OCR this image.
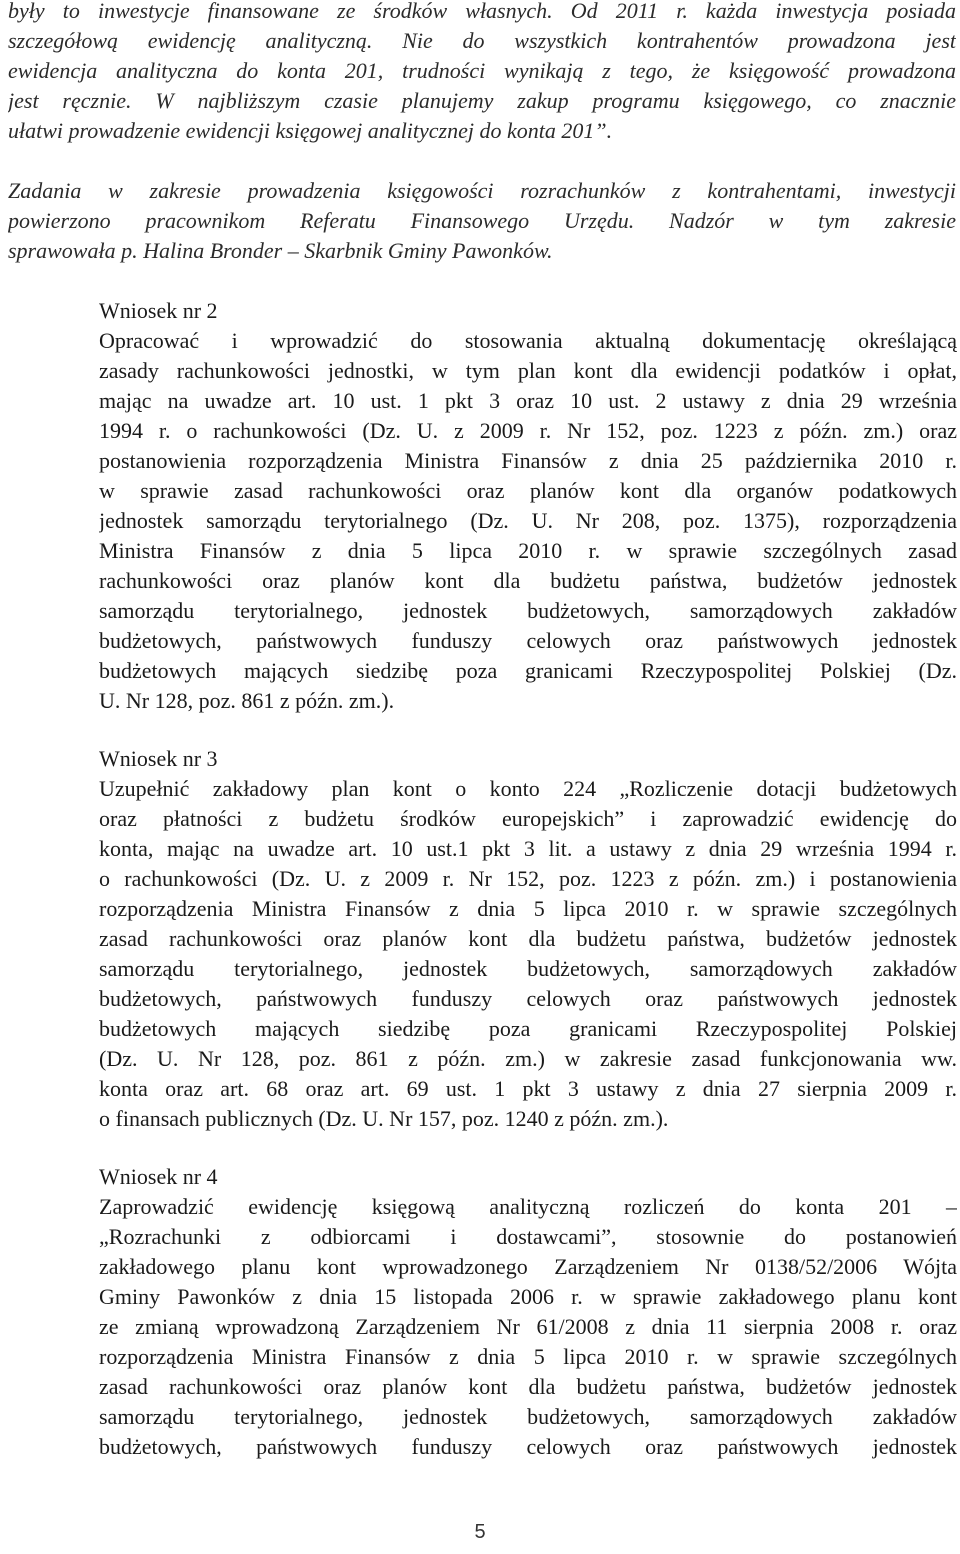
były to inwestycje finansowane ze środków własnych. Od 2011 r. każda inwestycja posiada
szczegółową ewidencję analityczną. Nie do wszystkich kontrahentów prowadzona jest
ewidencja analityczna do konta 201, trudności wynikają z tego, że księgowość prowadzona
jest ręcznie. W najbliższym czasie planujemy zakup programu księgowego, co znacznie
ułatwi prowadzenie ewidencji księgowej analitycznej do konta 201”.
Zadania w zakresie prowadzenia księgowości rozrachunków z kontrahentami, inwestycji
powierzono pracownikom Referatu Finansowego Urzędu. Nadzór w tym zakresie
sprawowała p. Halina Bronder – Skarbnik Gminy Pawonków.
Wniosek nr 2
Opracować i wprowadzić do stosowania aktualną dokumentację określającą
zasady rachunkowości jednostki, w tym plan kont dla ewidencji podatków i opłat,
mając na uwadze art. 10 ust. 1 pkt 3 oraz 10 ust. 2 ustawy z dnia 29 września
1994 r. o rachunkowości (Dz. U. z 2009 r. Nr 152, poz. 1223 z późn. zm.) oraz
postanowienia rozporządzenia Ministra Finansów z dnia 25 października 2010 r.
w sprawie zasad rachunkowości oraz planów kont dla organów podatkowych
jednostek samorządu terytorialnego (Dz. U. Nr 208, poz. 1375), rozporządzenia
Ministra Finansów z dnia 5 lipca 2010 r. w sprawie szczególnych zasad
rachunkowości oraz planów kont dla budżetu państwa, budżetów jednostek
samorządu terytorialnego, jednostek budżetowych, samorządowych zakładów
budżetowych, państwowych funduszy celowych oraz państwowych jednostek
budżetowych mających siedzibę poza granicami Rzeczypospolitej Polskiej (Dz.
U. Nr 128, poz. 861 z późn. zm.).
Wniosek nr 3
Uzupełnić zakładowy plan kont o konto 224 „Rozliczenie dotacji budżetowych
oraz płatności z budżetu środków europejskich” i zaprowadzić ewidencję do
konta, mając na uwadze art. 10 ust.1 pkt 3 lit. a ustawy z dnia 29 września 1994 r.
o rachunkowości (Dz. U. z 2009 r. Nr 152, poz. 1223 z późn. zm.) i postanowienia
rozporządzenia Ministra Finansów z dnia 5 lipca 2010 r. w sprawie szczególnych
zasad rachunkowości oraz planów kont dla budżetu państwa, budżetów jednostek
samorządu terytorialnego, jednostek budżetowych, samorządowych zakładów
budżetowych, państwowych funduszy celowych oraz państwowych jednostek
budżetowych mających siedzibę poza granicami Rzeczypospolitej Polskiej
(Dz. U. Nr 128, poz. 861 z późn. zm.) w zakresie zasad funkcjonowania ww.
konta oraz art. 68 oraz art. 69 ust. 1 pkt 3 ustawy z dnia 27 sierpnia 2009 r.
o finansach publicznych (Dz. U. Nr 157, poz. 1240 z późn. zm.).
Wniosek nr 4
Zaprowadzić ewidencję księgową analityczną rozliczeń do konta 201 –
„Rozrachunki z odbiorcami i dostawcami”, stosownie do postanowień
zakładowego planu kont wprowadzonego Zarządzeniem Nr 0138/52/2006 Wójta
Gminy Pawonków z dnia 15 listopada 2006 r. w sprawie zakładowego planu kont
ze zmianą wprowadzoną Zarządzeniem Nr 61/2008 z dnia 11 sierpnia 2008 r. oraz
rozporządzenia Ministra Finansów z dnia 5 lipca 2010 r. w sprawie szczególnych
zasad rachunkowości oraz planów kont dla budżetu państwa, budżetów jednostek
samorządu terytorialnego, jednostek budżetowych, samorządowych zakładów
budżetowych, państwowych funduszy celowych oraz państwowych jednostek
5
